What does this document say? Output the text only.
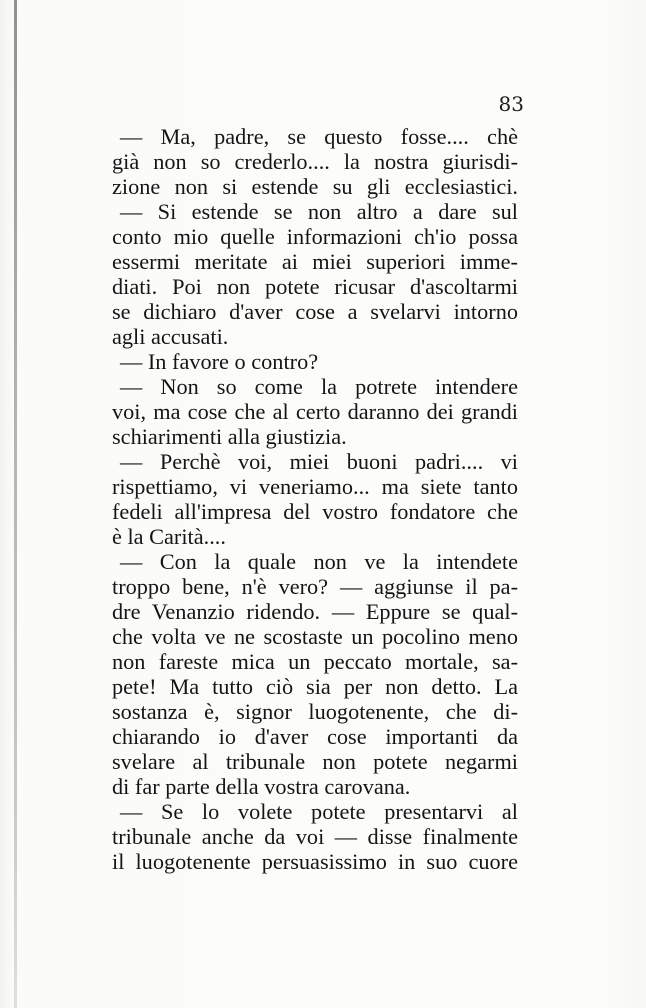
83
— Ma, padre, se questo fosse.... chè
già non so crederlo.... la nostra giurisdi-
zione non si estende su gli ecclesiastici.
— Si estende se non altro a dare sul
conto mio quelle informazioni ch'io possa
essermi meritate ai miei superiori imme-
diati. Poi non potete ricusar d'ascoltarmi
se dichiaro d'aver cose a svelarvi intorno
agli accusati.
— In favore o contro?
— Non so come la potrete intendere
voi, ma cose che al certo daranno dei grandi
schiarimenti alla giustizia.
— Perchè voi, miei buoni padri.... vi
rispettiamo, vi veneriamo... ma siete tanto
fedeli all'impresa del vostro fondatore che
è la Carità....
— Con la quale non ve la intendete
troppo bene, n'è vero? — aggiunse il pa-
dre Venanzio ridendo. — Eppure se qual-
che volta ve ne scostaste un pocolino meno
non fareste mica un peccato mortale, sa-
pete! Ma tutto ciò sia per non detto. La
sostanza è, signor luogotenente, che di-
chiarando io d'aver cose importanti da
svelare al tribunale non potete negarmi
di far parte della vostra carovana.
— Se lo volete potete presentarvi al
tribunale anche da voi — disse finalmente
il luogotenente persuasissimo in suo cuore
